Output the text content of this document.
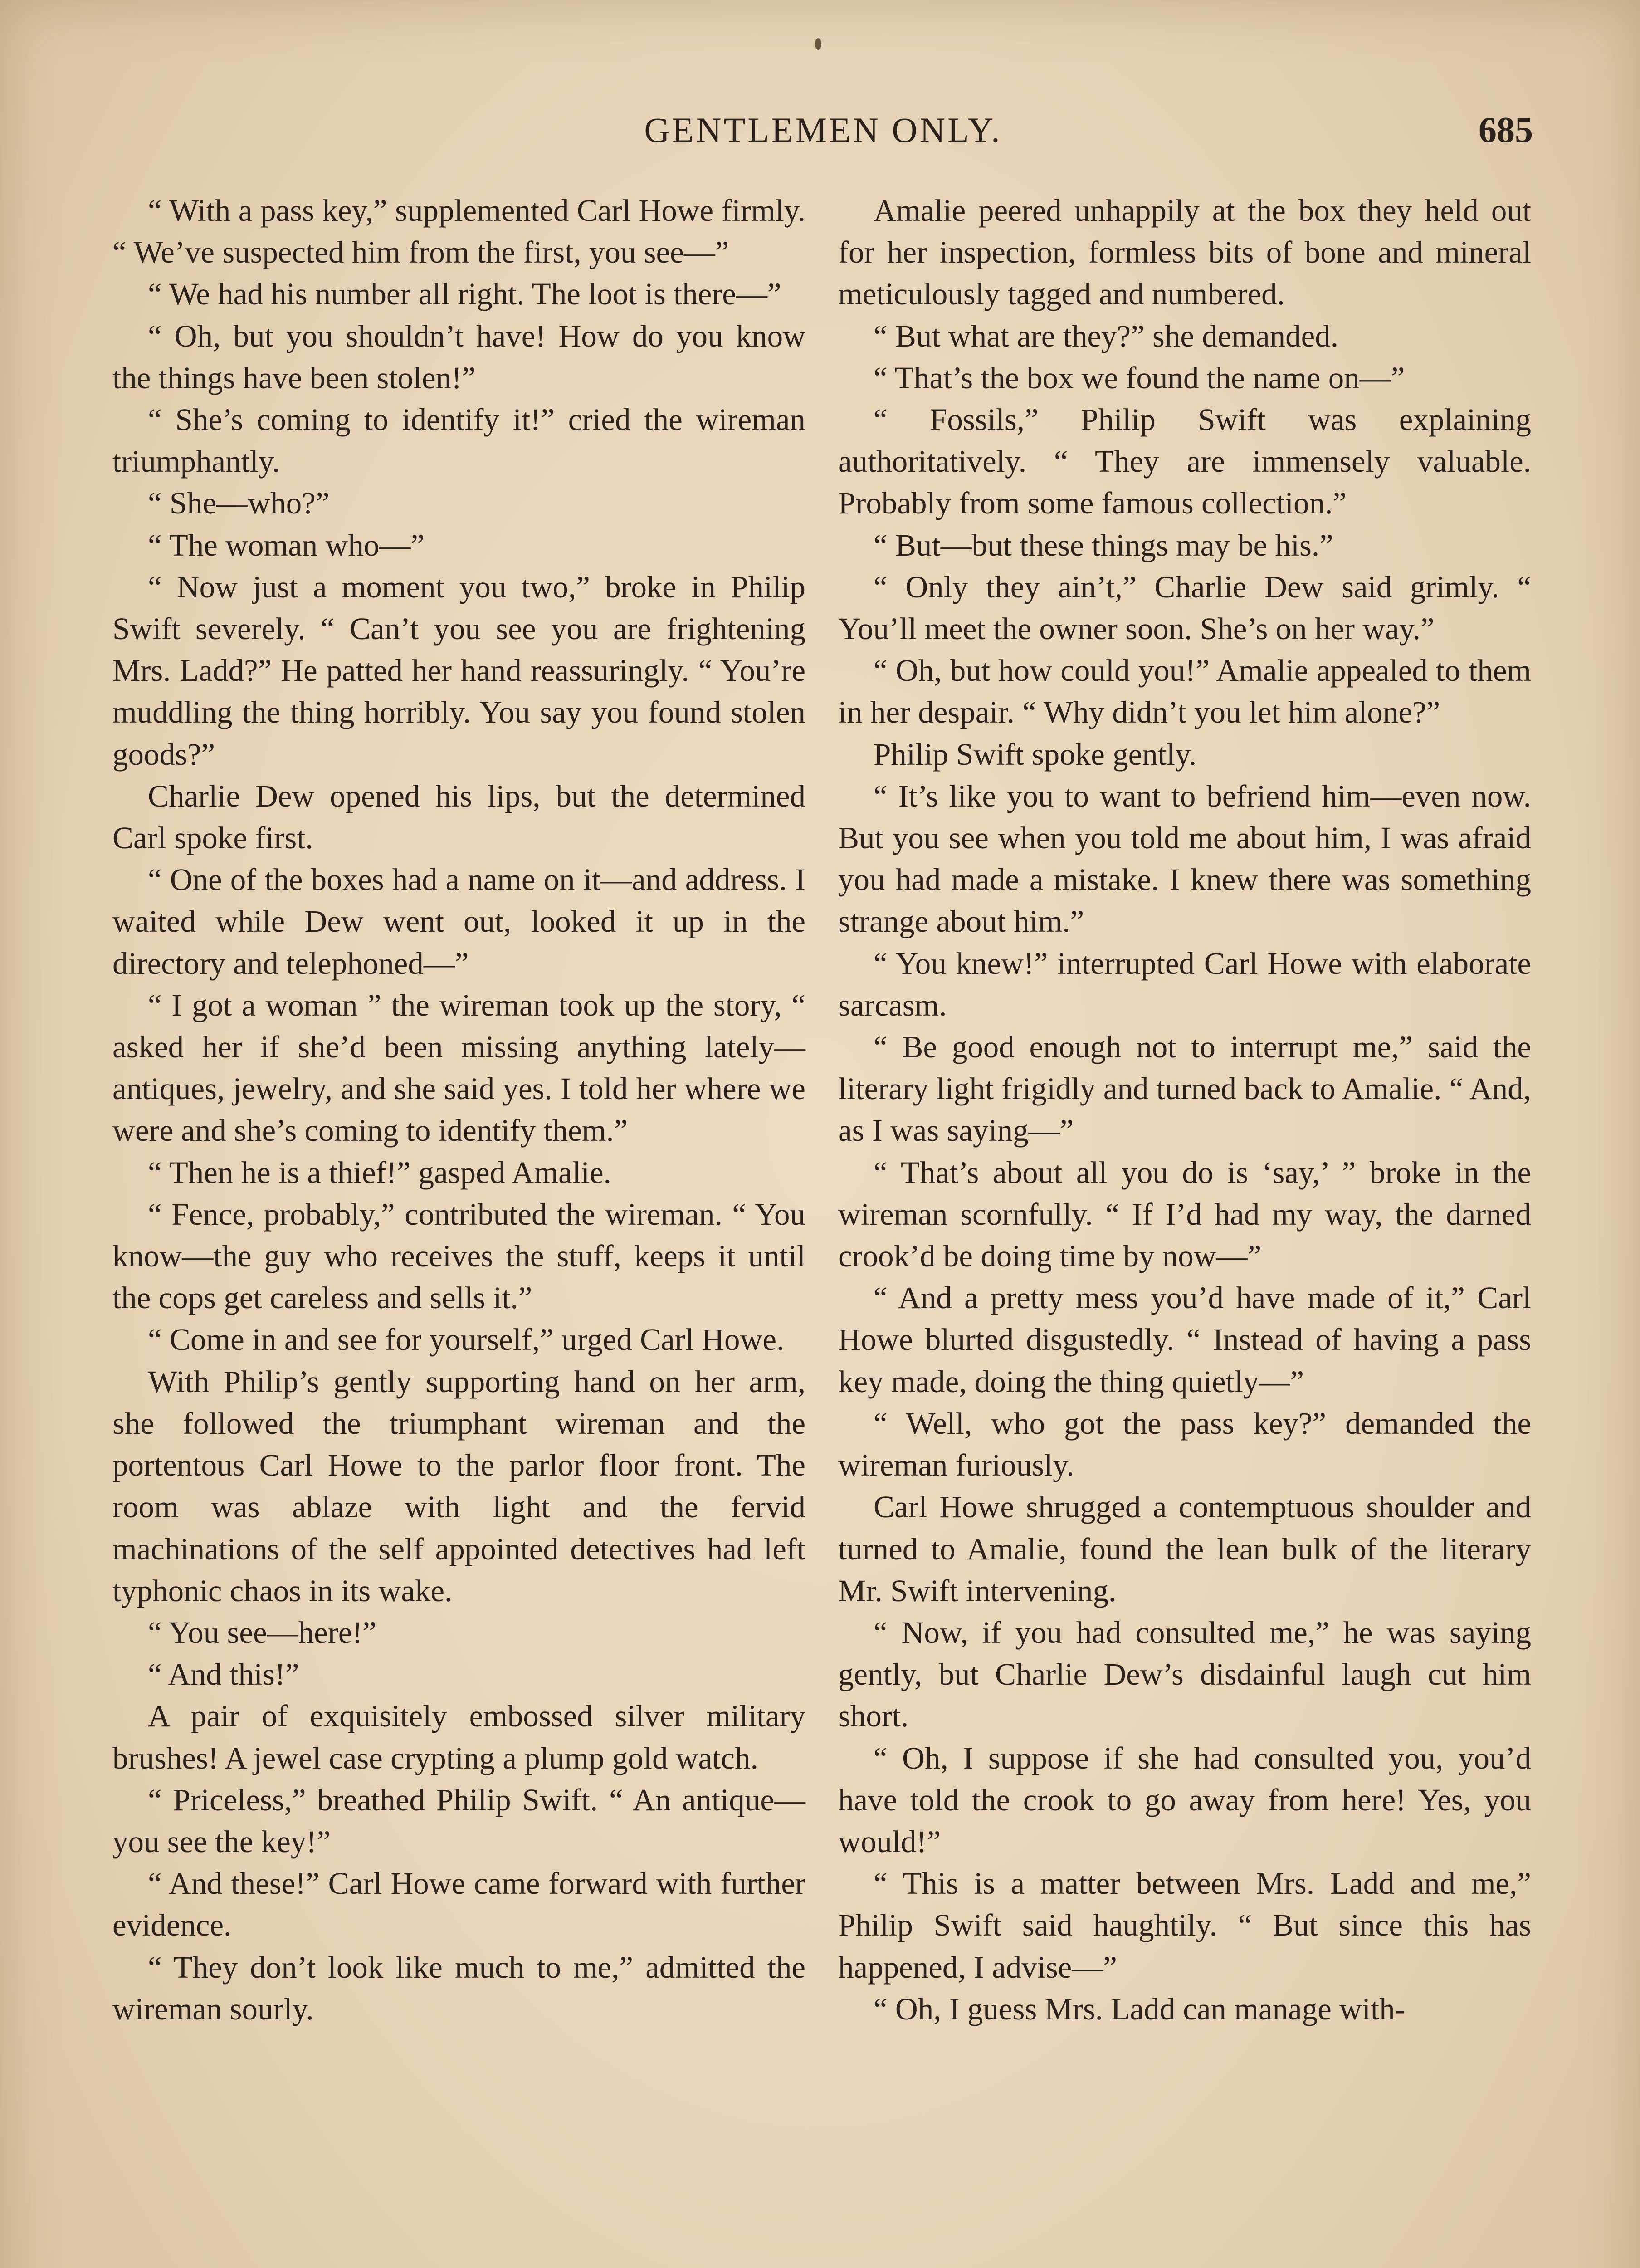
GENTLEMEN ONLY.	685

“ With a pass key,” supplemented Carl Howe firmly. “ We’ve suspected him from the first, you see—”

“ We had his number all right. The loot is there—”

“ Oh, but you shouldn’t have! How do you know the things have been stolen!”

“ She’s coming to identify it!” cried the wireman triumphantly.

“ She—who?”

“ The woman who—”

“ Now just a moment you two,” broke in Philip Swift severely. “ Can’t you see you are frightening Mrs. Ladd?” He patted her hand reassuringly. “ You’re muddling the thing horribly. You say you found stolen goods?”

Charlie Dew opened his lips, but the determined Carl spoke first.

“ One of the boxes had a name on it—and address. I waited while Dew went out, looked it up in the directory and telephoned—”

“ I got a woman ” the wireman took up the story, “ asked her if she’d been missing anything lately—antiques, jewelry, and she said yes. I told her where we were and she’s coming to identify them.”

“ Then he is a thief!” gasped Amalie.

“ Fence, probably,” contributed the wireman. “ You know—the guy who receives the stuff, keeps it until the cops get careless and sells it.”

“ Come in and see for yourself,” urged Carl Howe.

With Philip’s gently supporting hand on her arm, she followed the triumphant wireman and the portentous Carl Howe to the parlor floor front. The room was ablaze with light and the fervid machinations of the self appointed detectives had left typhonic chaos in its wake.

“ You see—here!”

“ And this!”

A pair of exquisitely embossed silver military brushes! A jewel case crypting a plump gold watch.

“ Priceless,” breathed Philip Swift. “ An antique—you see the key!”

“ And these!” Carl Howe came forward with further evidence.

“ They don’t look like much to me,” admitted the wireman sourly.

Amalie peered unhappily at the box they held out for her inspection, formless bits of bone and mineral meticulously tagged and numbered.

“ But what are they?” she demanded.

“ That’s the box we found the name on—”

“ Fossils,” Philip Swift was explaining authoritatively. “ They are immensely valuable. Probably from some famous collection.”

“ But—but these things may be his.”

“ Only they ain’t,” Charlie Dew said grimly. “ You’ll meet the owner soon. She’s on her way.”

“ Oh, but how could you!” Amalie appealed to them in her despair. “ Why didn’t you let him alone?”

Philip Swift spoke gently.

“ It’s like you to want to befriend him—even now. But you see when you told me about him, I was afraid you had made a mistake. I knew there was something strange about him.”

“ You knew!” interrupted Carl Howe with elaborate sarcasm.

“ Be good enough not to interrupt me,” said the literary light frigidly and turned back to Amalie. “ And, as I was saying—”

“ That’s about all you do is ‘say,’ ” broke in the wireman scornfully. “ If I’d had my way, the darned crook’d be doing time by now—”

“ And a pretty mess you’d have made of it,” Carl Howe blurted disgustedly. “ Instead of having a pass key made, doing the thing quietly—”

“ Well, who got the pass key?” demanded the wireman furiously.

Carl Howe shrugged a contemptuous shoulder and turned to Amalie, found the lean bulk of the literary Mr. Swift intervening.

“ Now, if you had consulted me,” he was saying gently, but Charlie Dew’s disdainful laugh cut him short.

“ Oh, I suppose if she had consulted you, you’d have told the crook to go away from here! Yes, you would!”

“ This is a matter between Mrs. Ladd and me,” Philip Swift said haughtily. “ But since this has happened, I advise—”

“ Oh, I guess Mrs. Ladd can manage with-
